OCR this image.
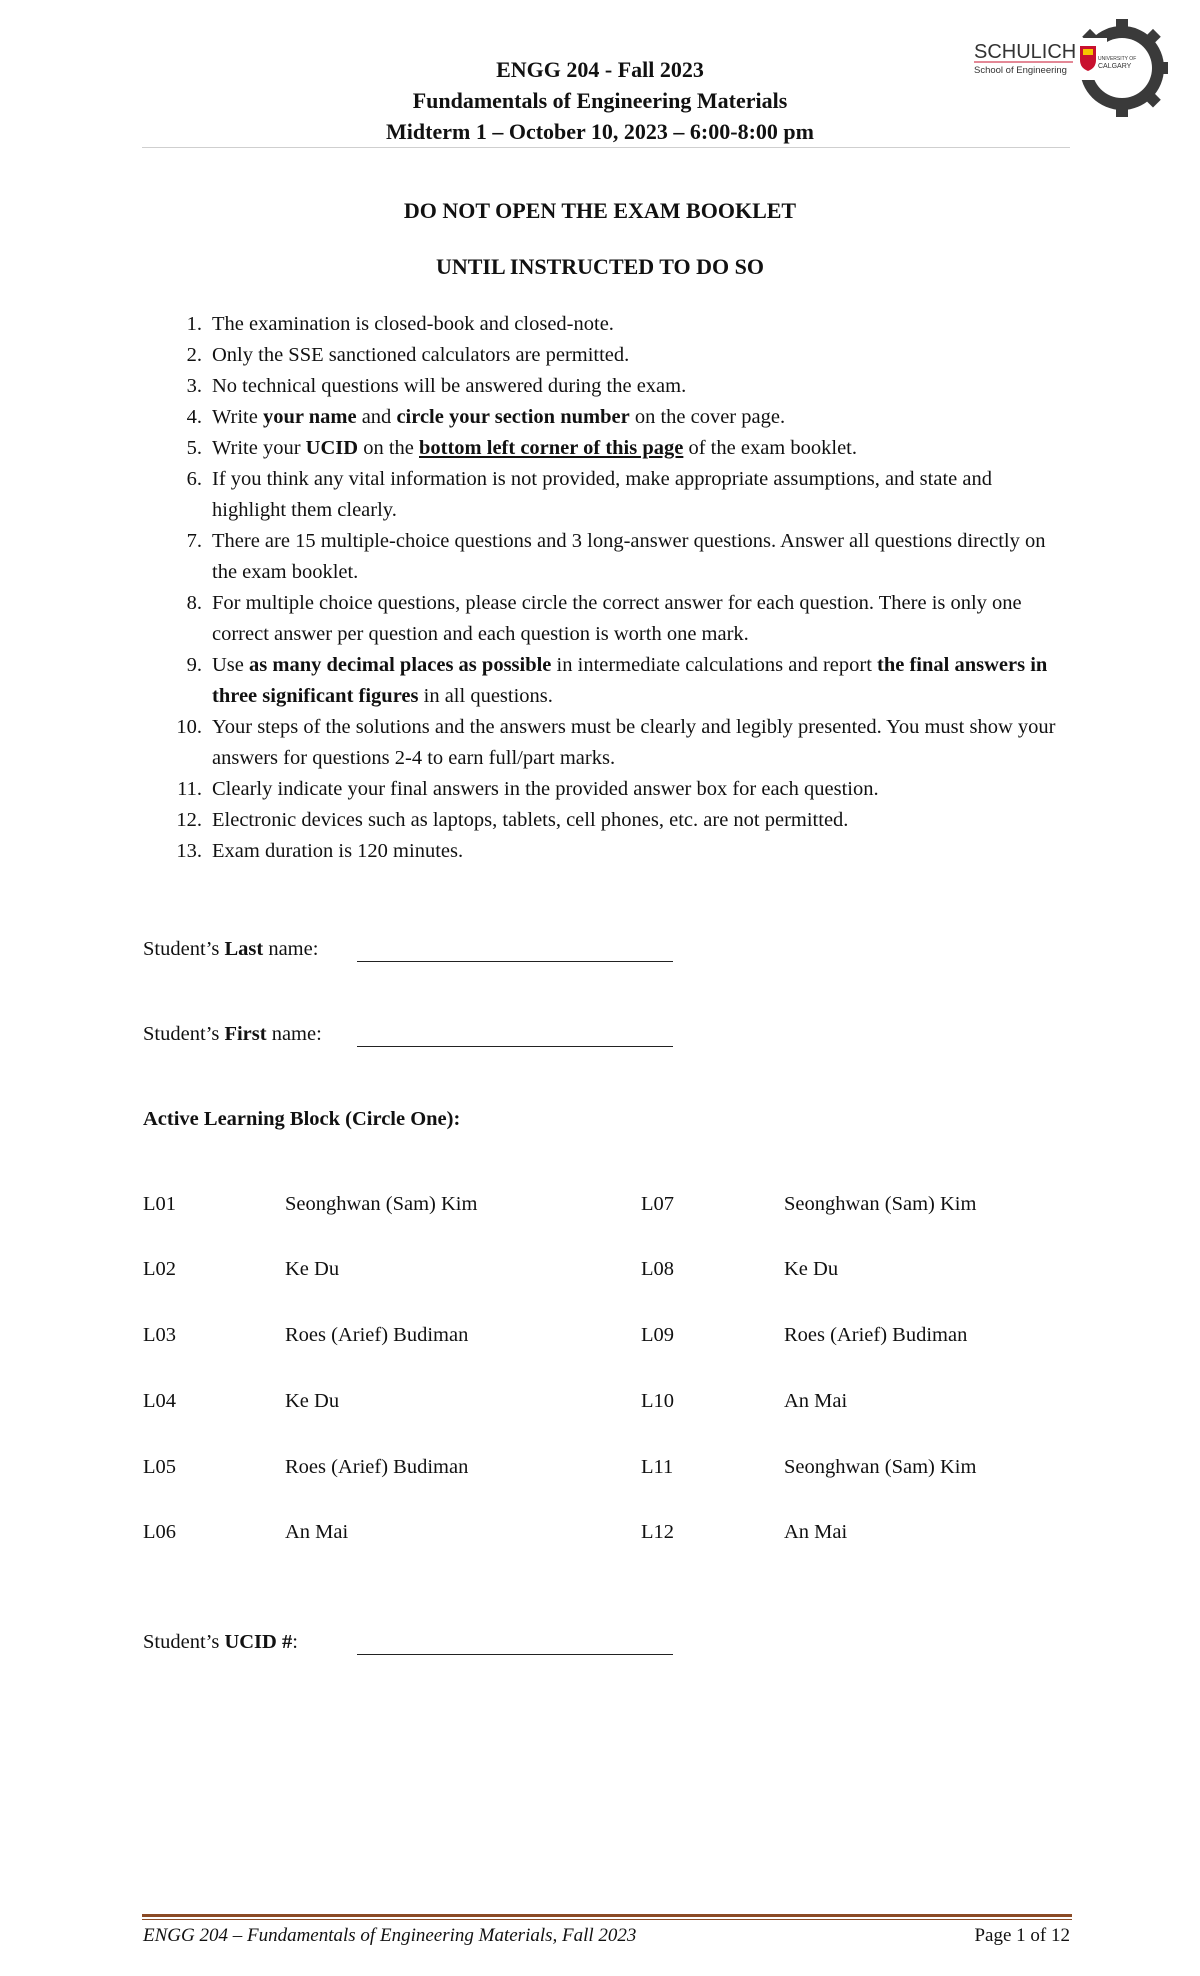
ENGG 204 - Fall 2023
Fundamentals of Engineering Materials
Midterm 1 – October 10, 2023 – 6:00-8:00 pm
SCHULICH
School of Engineering
UNIVERSITY OF
CALGARY
DO NOT OPEN THE EXAM BOOKLET
UNTIL INSTRUCTED TO DO SO
1. The examination is closed-book and closed-note.
2. Only the SSE sanctioned calculators are permitted.
3. No technical questions will be answered during the exam.
4. Write your name and circle your section number on the cover page.
5. Write your UCID on the bottom left corner of this page of the exam booklet.
6. If you think any vital information is not provided, make appropriate assumptions, and state and highlight them clearly.
7. There are 15 multiple-choice questions and 3 long-answer questions. Answer all questions directly on the exam booklet.
8. For multiple choice questions, please circle the correct answer for each question. There is only one correct answer per question and each question is worth one mark.
9. Use as many decimal places as possible in intermediate calculations and report the final answers in three significant figures in all questions.
10. Your steps of the solutions and the answers must be clearly and legibly presented. You must show your answers for questions 2-4 to earn full/part marks.
11. Clearly indicate your final answers in the provided answer box for each question.
12. Electronic devices such as laptops, tablets, cell phones, etc. are not permitted.
13. Exam duration is 120 minutes.
Student’s Last name:
Student’s First name:
Active Learning Block (Circle One):
L01	Seonghwan (Sam) Kim	L07	Seonghwan (Sam) Kim
L02	Ke Du	L08	Ke Du
L03	Roes (Arief) Budiman	L09	Roes (Arief) Budiman
L04	Ke Du	L10	An Mai
L05	Roes (Arief) Budiman	L11	Seonghwan (Sam) Kim
L06	An Mai	L12	An Mai
Student’s UCID #:
ENGG 204 – Fundamentals of Engineering Materials, Fall 2023	Page 1 of 12
